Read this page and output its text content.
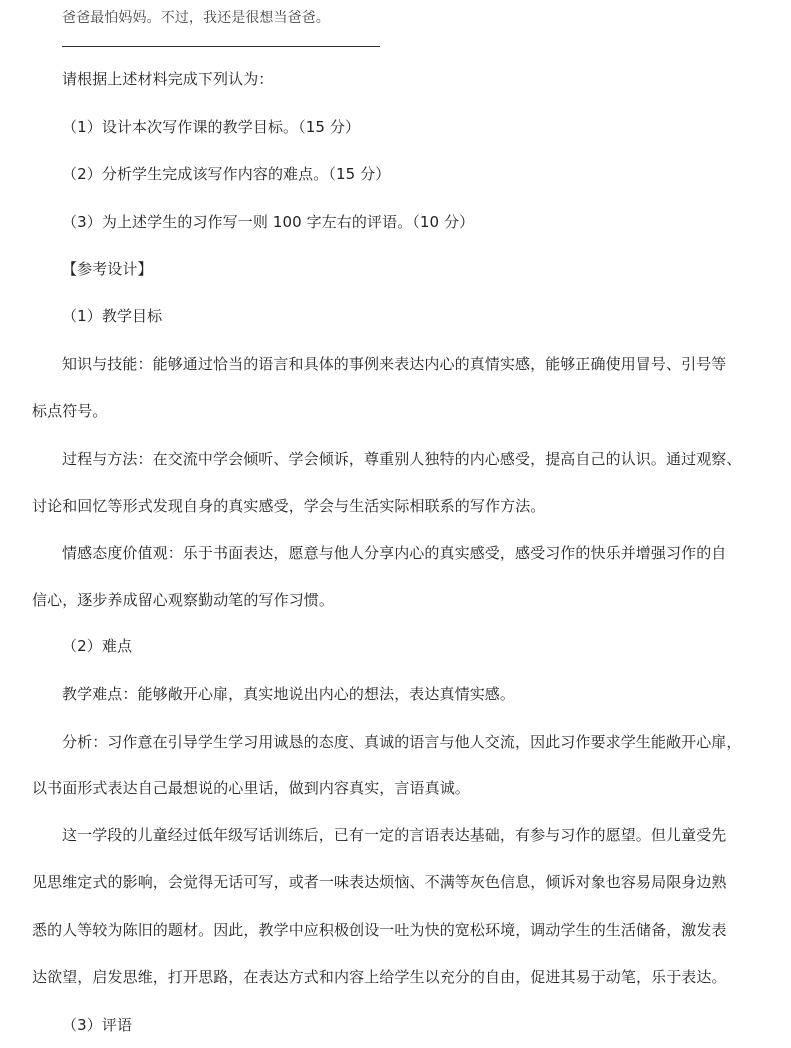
爸爸最怕妈妈。不过，我还是很想当爸爸。
请根据上述材料完成下列认为：
（1）设计本次写作课的教学目标。（15 分）
（2）分析学生完成该写作内容的难点。（15 分）
（3）为上述学生的习作写一则 100 字左右的评语。（10 分）
【参考设计】
（1）教学目标
知识与技能：能够通过恰当的语言和具体的事例来表达内心的真情实感，能够正确使用冒号、引号等
标点符号。
过程与方法：在交流中学会倾听、学会倾诉，尊重别人独特的内心感受，提高自己的认识。通过观察、
讨论和回忆等形式发现自身的真实感受，学会与生活实际相联系的写作方法。
情感态度价值观：乐于书面表达，愿意与他人分享内心的真实感受，感受习作的快乐并增强习作的自
信心，逐步养成留心观察勤动笔的写作习惯。
（2）难点
教学难点：能够敞开心扉，真实地说出内心的想法，表达真情实感。
分析：习作意在引导学生学习用诚恳的态度、真诚的语言与他人交流，因此习作要求学生能敞开心扉，
以书面形式表达自己最想说的心里话，做到内容真实，言语真诚。
这一学段的儿童经过低年级写话训练后，已有一定的言语表达基础，有参与习作的愿望。但儿童受先
见思维定式的影响，会觉得无话可写，或者一味表达烦恼、不满等灰色信息，倾诉对象也容易局限身边熟
悉的人等较为陈旧的题材。因此，教学中应积极创设一吐为快的宽松环境，调动学生的生活储备，激发表
达欲望，启发思维，打开思路，在表达方式和内容上给学生以充分的自由，促进其易于动笔，乐于表达。
（3）评语
